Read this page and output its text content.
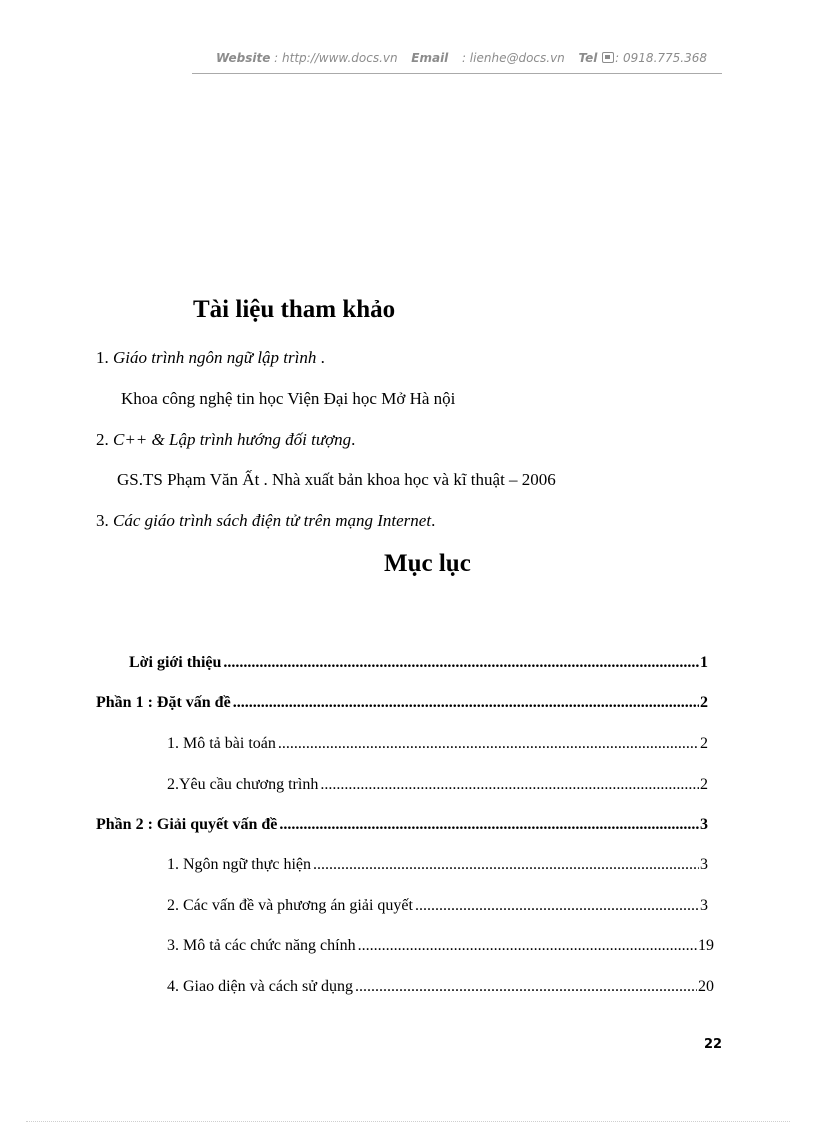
Website : http://www.docs.vn Email : lienhe@docs.vn Tel : 0918.775.368
Tài liệu tham khảo
1. Giáo trình ngôn ngữ lập trình .
Khoa công nghệ tin học Viện Đại học Mở Hà nội
2. C++ & Lập trình hướng đối tượng.
GS.TS Phạm Văn Ất . Nhà xuất bản khoa học và kĩ thuật – 2006
3. Các giáo trình sách điện tử trên mạng Internet.
Mục lục
Lời giới thiệu .....	1
Phần 1 : Đặt vấn đề .....	2
1. Mô tả bài toán .....	2
2.Yêu cầu chương trình .....	2
Phần 2 : Giải quyết vấn đề .....	3
1. Ngôn ngữ thực hiện .....	3
2. Các vấn đề và phương án giải quyết .....	3
3. Mô tả các chức năng chính .....	19
4. Giao diện và cách sử dụng .....	20
22
